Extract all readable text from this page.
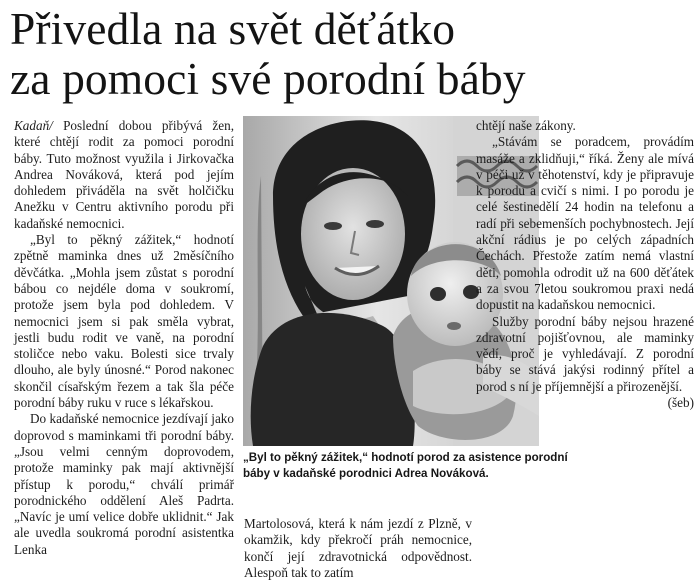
Přivedla na svět děťátko
za pomoci své porodní báby

Kadaň/ Poslední dobou přibývá žen, které chtějí rodit za pomoci porodní báby. Tuto možnost využila i Jirkovačka Andrea Nováková, která pod jejím dohledem přiváděla na svět holčičku Anežku v Centru aktivního porodu při kadaňské nemocnici.

„Byl to pěkný zážitek,“ hodnotí zpětně maminka dnes už 2měsíčního děvčátka. „Mohla jsem zůstat s porodní bábou co nejdéle doma v soukromí, protože jsem byla pod dohledem. V nemocnici jsem si pak směla vybrat, jestli budu rodit ve vaně, na porodní stoličce nebo vaku. Bolesti sice trvaly dlouho, ale byly únosné.“ Porod nakonec skončil císařským řezem a tak šla péče porodní báby ruku v ruce s lékařskou.

Do kadaňské nemocnice jezdívají jako doprovod s maminkami tři porodní báby. „Jsou velmi cenným doprovodem, protože maminky pak mají aktivnější přístup k porodu,“ chválí primář porodnického oddělení Aleš Padrta. „Navíc je umí velice dobře uklidnit.“ Jak ale uvedla soukromá porodní asistentka Lenka

„Byl to pěkný zážitek,“ hodnotí porod za asistence porodní
báby v kadaňské porodnici Adrea Nováková.

Martolosová, která k nám jezdí z Plzně, v okamžik, kdy překročí práh nemocnice, končí její zdravotnická odpovědnost. Alespoň tak to zatím

chtějí naše zákony.

„Stávám se poradcem, provádím masáže a zklidňuji,“ říká. Ženy ale mívá v péči už v těhotenství, kdy je připravuje k porodu a cvičí s nimi. I po porodu je celé šestinedělí 24 hodin na telefonu a radí při sebemenších pochybnostech. Její akční rádius je po celých západních Čechách. Přestože zatím nemá vlastní děti, pomohla odrodit už na 600 děťátek a za svou 7letou soukromou praxi nedá dopustit na kadaňskou nemocnici.

Služby porodní báby nejsou hrazené zdravotní pojišťovnou, ale maminky vědí, proč je vyhledávají. Z porodní báby se stává jakýsi rodinný přítel a porod s ní je příjemnější a přirozenější.
(šeb)
